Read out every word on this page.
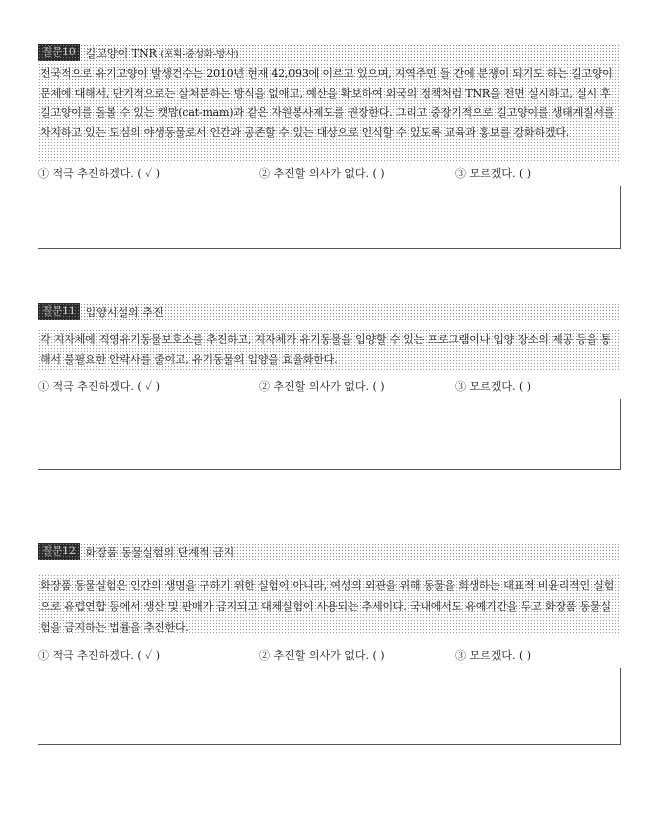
질문10 길고양이 TNR (포획-중성화-방사)
전국적으로 유기고양이 발생건수는 2010년 현재 42,093에 이르고 있으며, 지역주민 들 간에 분쟁이 되기도 하는 길고양이문제에 대해서, 단기적으로는 살처분하는 방식을 없애고, 예산을 확보하여 외국의 정책처럼 TNR을 전면 실시하고, 실시 후 길고양이를 돌볼 수 있는 캣맘(cat-mam)과 같은 자원봉사제도를 권장한다. 그리고 중장기적으로 길고양이를 생태계질서를 차지하고 있는 도심의 야생동물로서 인간과 공존할 수 있는 대상으로 인식할 수 있도록 교육과 홍보를 강화하겠다.
① 적극 추진하겠다. ( ✓ )	② 추진할 의사가 없다. ( )	③ 모르겠다. ( )
질문11 입양시설의 추진
각 지자체에 직영유기동물보호소를 추진하고, 지자체가 유기동물을 입양할 수 있는 프로그램이나 입양 장소의 제공 등을 통해서 불필요한 안락사를 줄이고, 유기동물의 입양을 효율화한다.
① 적극 추진하겠다. ( ✓ )	② 추진할 의사가 없다. ( )	③ 모르겠다. ( )
질문12 화장품 동물실험의 단계적 금지
화장품 동물실험은 인간의 생명을 구하기 위한 실험이 아니라, 여성의 외관을 위해 동물을 희생하는 대표적 비윤리적인 실험으로 유럽연합 등에서 생산 및 판매가 금지되고 대체실험이 사용되는 추세이다. 국내에서도 유예기간을 두고 화장품 동물실험을 금지하는 법률을 추진한다.
① 적극 추진하겠다. ( ✓ )	② 추진할 의사가 없다. ( )	③ 모르겠다. ( )
